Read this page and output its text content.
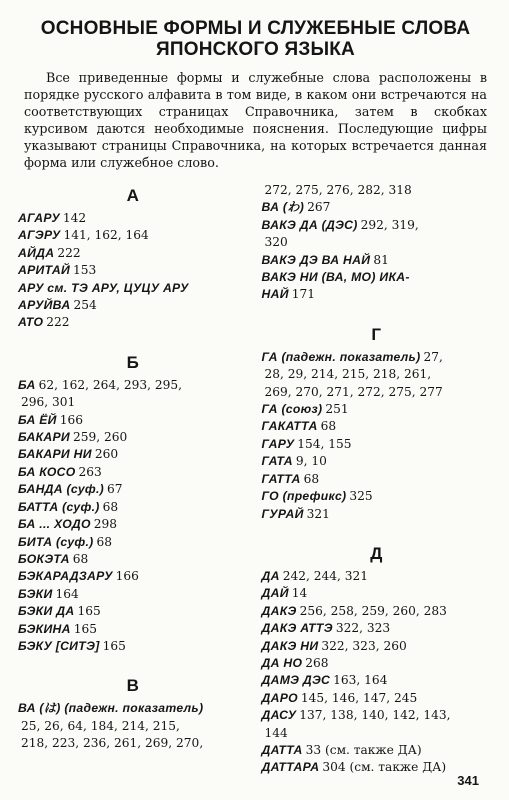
ОСНОВНЫЕ ФОРМЫ И СЛУЖЕБНЫЕ СЛОВА
ЯПОНСКОГО ЯЗЫКА

Все приведенные формы и служебные слова расположены в порядке русского алфавита в том виде, в каком они встречаются на соответствующих страницах Справочника, затем в скобках курсивом даются необходимые пояснения. Последующие цифры указывают страницы Справочника, на которых встречается данная форма или служебное слово.

А
АГАРУ 142
АГЭРУ 141, 162, 164
АЙДА 222
АРИТАЙ 153
АРУ см. ТЭ АРУ, ЦУЦУ АРУ
АРУЙВА 254
АТО 222
Б
БА 62, 162, 264, 293, 295,
296, 301
БА ЁЙ 166
БАКАРИ 259, 260
БАКАРИ НИ 260
БА КОСО 263
БАНДА (суф.) 67
БАТТА (суф.) 68
БА ... ХОДО 298
БИТА (суф.) 68
БОКЭТА 68
БЭКАРАДЗАРУ 166
БЭКИ 164
БЭКИ ДА 165
БЭКИНА 165
БЭКУ [СИТЭ] 165
В
ВА (は) (падежн. показатель)
25, 26, 64, 184, 214, 215,
218, 223, 236, 261, 269, 270,
272, 275, 276, 282, 318
ВА (わ) 267
ВАКЭ ДА (ДЭС) 292, 319,
320
ВАКЭ ДЭ ВА НАЙ 81
ВАКЭ НИ (ВА, МО) ИКА-
НАЙ 171
Г
ГА (падежн. показатель) 27,
28, 29, 214, 215, 218, 261,
269, 270, 271, 272, 275, 277
ГА (союз) 251
ГАКАТТА 68
ГАРУ 154, 155
ГАТА 9, 10
ГАТТА 68
ГО (префикс) 325
ГУРАЙ 321
Д
ДА 242, 244, 321
ДАЙ 14
ДАКЭ 256, 258, 259, 260, 283
ДАКЭ АТТЭ 322, 323
ДАКЭ НИ 322, 323, 260
ДА НО 268
ДАМЭ ДЭС 163, 164
ДАРО 145, 146, 147, 245
ДАСУ 137, 138, 140, 142, 143,
144
ДАТТА 33 (см. также ДА)
ДАТТАРА 304 (см. также ДА)
341
